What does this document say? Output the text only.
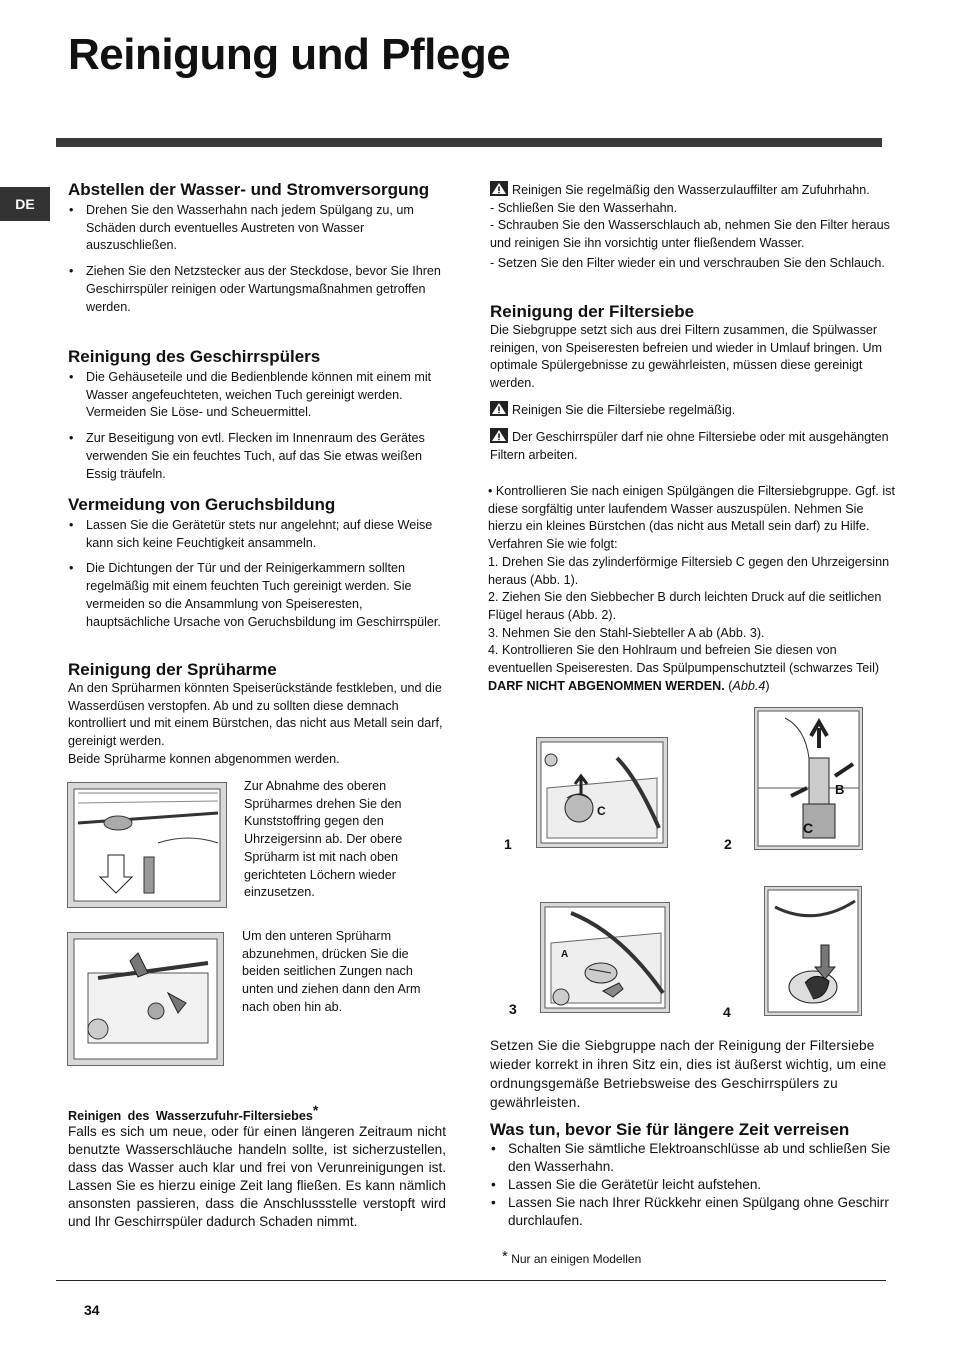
Reinigung und Pflege
DE
Abstellen der Wasser- und Stromversorgung
• Drehen Sie den Wasserhahn nach jedem Spülgang zu, um Schäden durch eventuelles Austreten von Wasser auszuschließen.
• Ziehen Sie den Netzstecker aus der Steckdose, bevor Sie Ihren Geschirrspüler reinigen oder Wartungsmaßnahmen getroffen werden.
Reinigung des Geschirrspülers
• Die Gehäuseteile und die Bedienblende können mit einem mit Wasser angefeuchteten, weichen Tuch gereinigt werden. Vermeiden Sie Löse- und Scheuermittel.
• Zur Beseitigung von evtl. Flecken im Innenraum des Gerätes verwenden Sie ein feuchtes Tuch, auf das Sie etwas weißen Essig träufeln.
Vermeidung von Geruchsbildung
• Lassen Sie die Gerätetür stets nur angelehnt; auf diese Weise kann sich keine Feuchtigkeit ansammeln.
• Die Dichtungen der Tür und der Reinigerkammern sollten regelmäßig mit einem feuchten Tuch gereinigt werden. Sie vermeiden so die Ansammlung von Speiseresten, hauptsächliche Ursache von Geruchsbildung im Geschirrspüler.
Reinigung der Sprüharme

An den Sprüharmen könnten Speiserückstände festkleben, und die Wasserdüsen verstopfen. Ab und zu sollten diese demnach kontrolliert und mit einem Bürstchen, das nicht aus Metall sein darf, gereinigt werden.

Beide Sprüharme konnen abgenommen werden.

Zur Abnahme des oberen Sprüharmes drehen Sie den Kunststoffring gegen den Uhrzeigersinn ab. Der obere Sprüharm ist mit nach oben gerichteten Löchern wieder einzusetzen.

Um den unteren Sprüharm abzunehmen, drücken Sie die beiden seitlichen Zungen nach unten und ziehen dann den Arm nach oben hin ab.

Reinigen des Wasserzufuhr-Filtersiebes*

Falls es sich um neue, oder für einen längeren Zeitraum nicht benutzte Wasserschläuche handeln sollte, ist sicherzustellen, dass das Wasser auch klar und frei von Verunreinigungen ist. Lassen Sie es hierzu einige Zeit lang fließen. Es kann nämlich ansonsten passieren, dass die Anschlussstelle verstopft wird und Ihr Geschirrspüler dadurch Schaden nimmt.

Reinigen Sie regelmäßig den Wasserzulauffilter am Zufuhrhahn.

- Schließen Sie den Wasserhahn.

- Schrauben Sie den Wasserschlauch ab, nehmen Sie den Filter heraus und reinigen Sie ihn vorsichtig unter fließendem Wasser.

- Setzen Sie den Filter wieder ein und verschrauben Sie den Schlauch.

Reinigung der Filtersiebe

Die Siebgruppe setzt sich aus drei Filtern zusammen, die Spülwasser reinigen, von Speiseresten befreien und wieder in Umlauf bringen. Um optimale Spülergebnisse zu gewährleisten, müssen diese gereinigt werden.

Reinigen Sie die Filtersiebe regelmäßig.
Der Geschirrspüler darf nie ohne Filtersiebe oder mit ausgehängten Filtern arbeiten.

• Kontrollieren Sie nach einigen Spülgängen die Filtersiebgruppe. Ggf. ist diese sorgfältig unter laufendem Wasser auszuspülen. Nehmen Sie hierzu ein kleines Bürstchen (das nicht aus Metall sein darf) zu Hilfe. Verfahren Sie wie folgt:

1. Drehen Sie das zylinderförmige Filtersieb C gegen den Uhrzeigersinn heraus (Abb. 1).

2. Ziehen Sie den Siebbecher B durch leichten Druck auf die seitlichen Flügel heraus (Abb. 2).

3. Nehmen Sie den Stahl-Siebteller A ab (Abb. 3).

4. Kontrollieren Sie den Hohlraum und befreien Sie diesen von eventuellen Speiseresten. Das Spülpumpenschutzteil (schwarzes Teil) DARF NICHT ABGENOMMEN WERDEN. (Abb.4)

C
1
B
C
2
A
3	4

Setzen Sie die Siebgruppe nach der Reinigung der Filtersiebe wieder korrekt in ihren Sitz ein, dies ist äußerst wichtig, um eine ordnungsgemäße Betriebsweise des Geschirrspülers zu gewährleisten.

Was tun, bevor Sie für längere Zeit verreisen
• Schalten Sie sämtliche Elektroanschlüsse ab und schließen Sie den Wasserhahn.
• Lassen Sie die Gerätetür leicht aufstehen.
• Lassen Sie nach Ihrer Rückkehr einen Spülgang ohne Geschirr durchlaufen.
* Nur an einigen Modellen
34
